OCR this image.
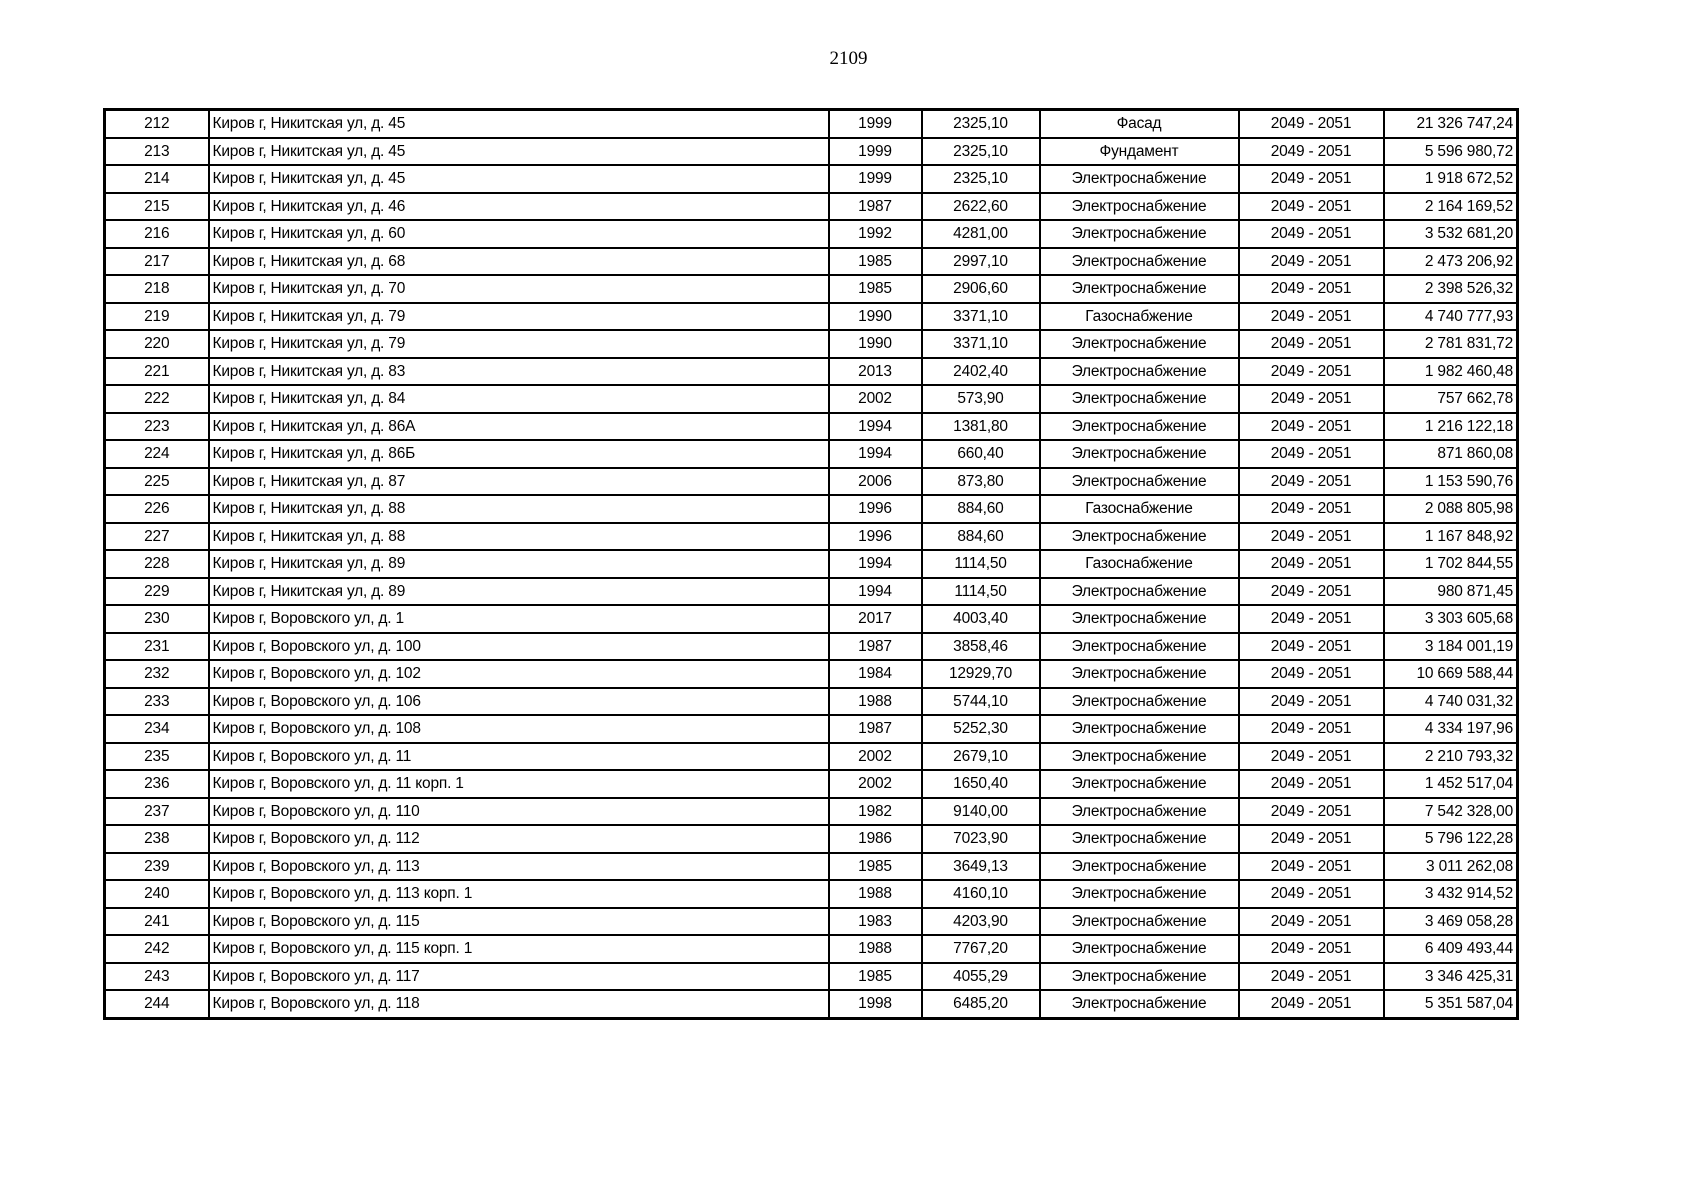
2109
212	Киров г, Никитская ул, д. 45	1999	2325,10	Фасад	2049 - 2051	21 326 747,24
213	Киров г, Никитская ул, д. 45	1999	2325,10	Фундамент	2049 - 2051	5 596 980,72
214	Киров г, Никитская ул, д. 45	1999	2325,10	Электроснабжение	2049 - 2051	1 918 672,52
215	Киров г, Никитская ул, д. 46	1987	2622,60	Электроснабжение	2049 - 2051	2 164 169,52
216	Киров г, Никитская ул, д. 60	1992	4281,00	Электроснабжение	2049 - 2051	3 532 681,20
217	Киров г, Никитская ул, д. 68	1985	2997,10	Электроснабжение	2049 - 2051	2 473 206,92
218	Киров г, Никитская ул, д. 70	1985	2906,60	Электроснабжение	2049 - 2051	2 398 526,32
219	Киров г, Никитская ул, д. 79	1990	3371,10	Газоснабжение	2049 - 2051	4 740 777,93
220	Киров г, Никитская ул, д. 79	1990	3371,10	Электроснабжение	2049 - 2051	2 781 831,72
221	Киров г, Никитская ул, д. 83	2013	2402,40	Электроснабжение	2049 - 2051	1 982 460,48
222	Киров г, Никитская ул, д. 84	2002	573,90	Электроснабжение	2049 - 2051	757 662,78
223	Киров г, Никитская ул, д. 86А	1994	1381,80	Электроснабжение	2049 - 2051	1 216 122,18
224	Киров г, Никитская ул, д. 86Б	1994	660,40	Электроснабжение	2049 - 2051	871 860,08
225	Киров г, Никитская ул, д. 87	2006	873,80	Электроснабжение	2049 - 2051	1 153 590,76
226	Киров г, Никитская ул, д. 88	1996	884,60	Газоснабжение	2049 - 2051	2 088 805,98
227	Киров г, Никитская ул, д. 88	1996	884,60	Электроснабжение	2049 - 2051	1 167 848,92
228	Киров г, Никитская ул, д. 89	1994	1114,50	Газоснабжение	2049 - 2051	1 702 844,55
229	Киров г, Никитская ул, д. 89	1994	1114,50	Электроснабжение	2049 - 2051	980 871,45
230	Киров г, Воровского ул, д. 1	2017	4003,40	Электроснабжение	2049 - 2051	3 303 605,68
231	Киров г, Воровского ул, д. 100	1987	3858,46	Электроснабжение	2049 - 2051	3 184 001,19
232	Киров г, Воровского ул, д. 102	1984	12929,70	Электроснабжение	2049 - 2051	10 669 588,44
233	Киров г, Воровского ул, д. 106	1988	5744,10	Электроснабжение	2049 - 2051	4 740 031,32
234	Киров г, Воровского ул, д. 108	1987	5252,30	Электроснабжение	2049 - 2051	4 334 197,96
235	Киров г, Воровского ул, д. 11	2002	2679,10	Электроснабжение	2049 - 2051	2 210 793,32
236	Киров г, Воровского ул, д. 11 корп. 1	2002	1650,40	Электроснабжение	2049 - 2051	1 452 517,04
237	Киров г, Воровского ул, д. 110	1982	9140,00	Электроснабжение	2049 - 2051	7 542 328,00
238	Киров г, Воровского ул, д. 112	1986	7023,90	Электроснабжение	2049 - 2051	5 796 122,28
239	Киров г, Воровского ул, д. 113	1985	3649,13	Электроснабжение	2049 - 2051	3 011 262,08
240	Киров г, Воровского ул, д. 113 корп. 1	1988	4160,10	Электроснабжение	2049 - 2051	3 432 914,52
241	Киров г, Воровского ул, д. 115	1983	4203,90	Электроснабжение	2049 - 2051	3 469 058,28
242	Киров г, Воровского ул, д. 115 корп. 1	1988	7767,20	Электроснабжение	2049 - 2051	6 409 493,44
243	Киров г, Воровского ул, д. 117	1985	4055,29	Электроснабжение	2049 - 2051	3 346 425,31
244	Киров г, Воровского ул, д. 118	1998	6485,20	Электроснабжение	2049 - 2051	5 351 587,04
